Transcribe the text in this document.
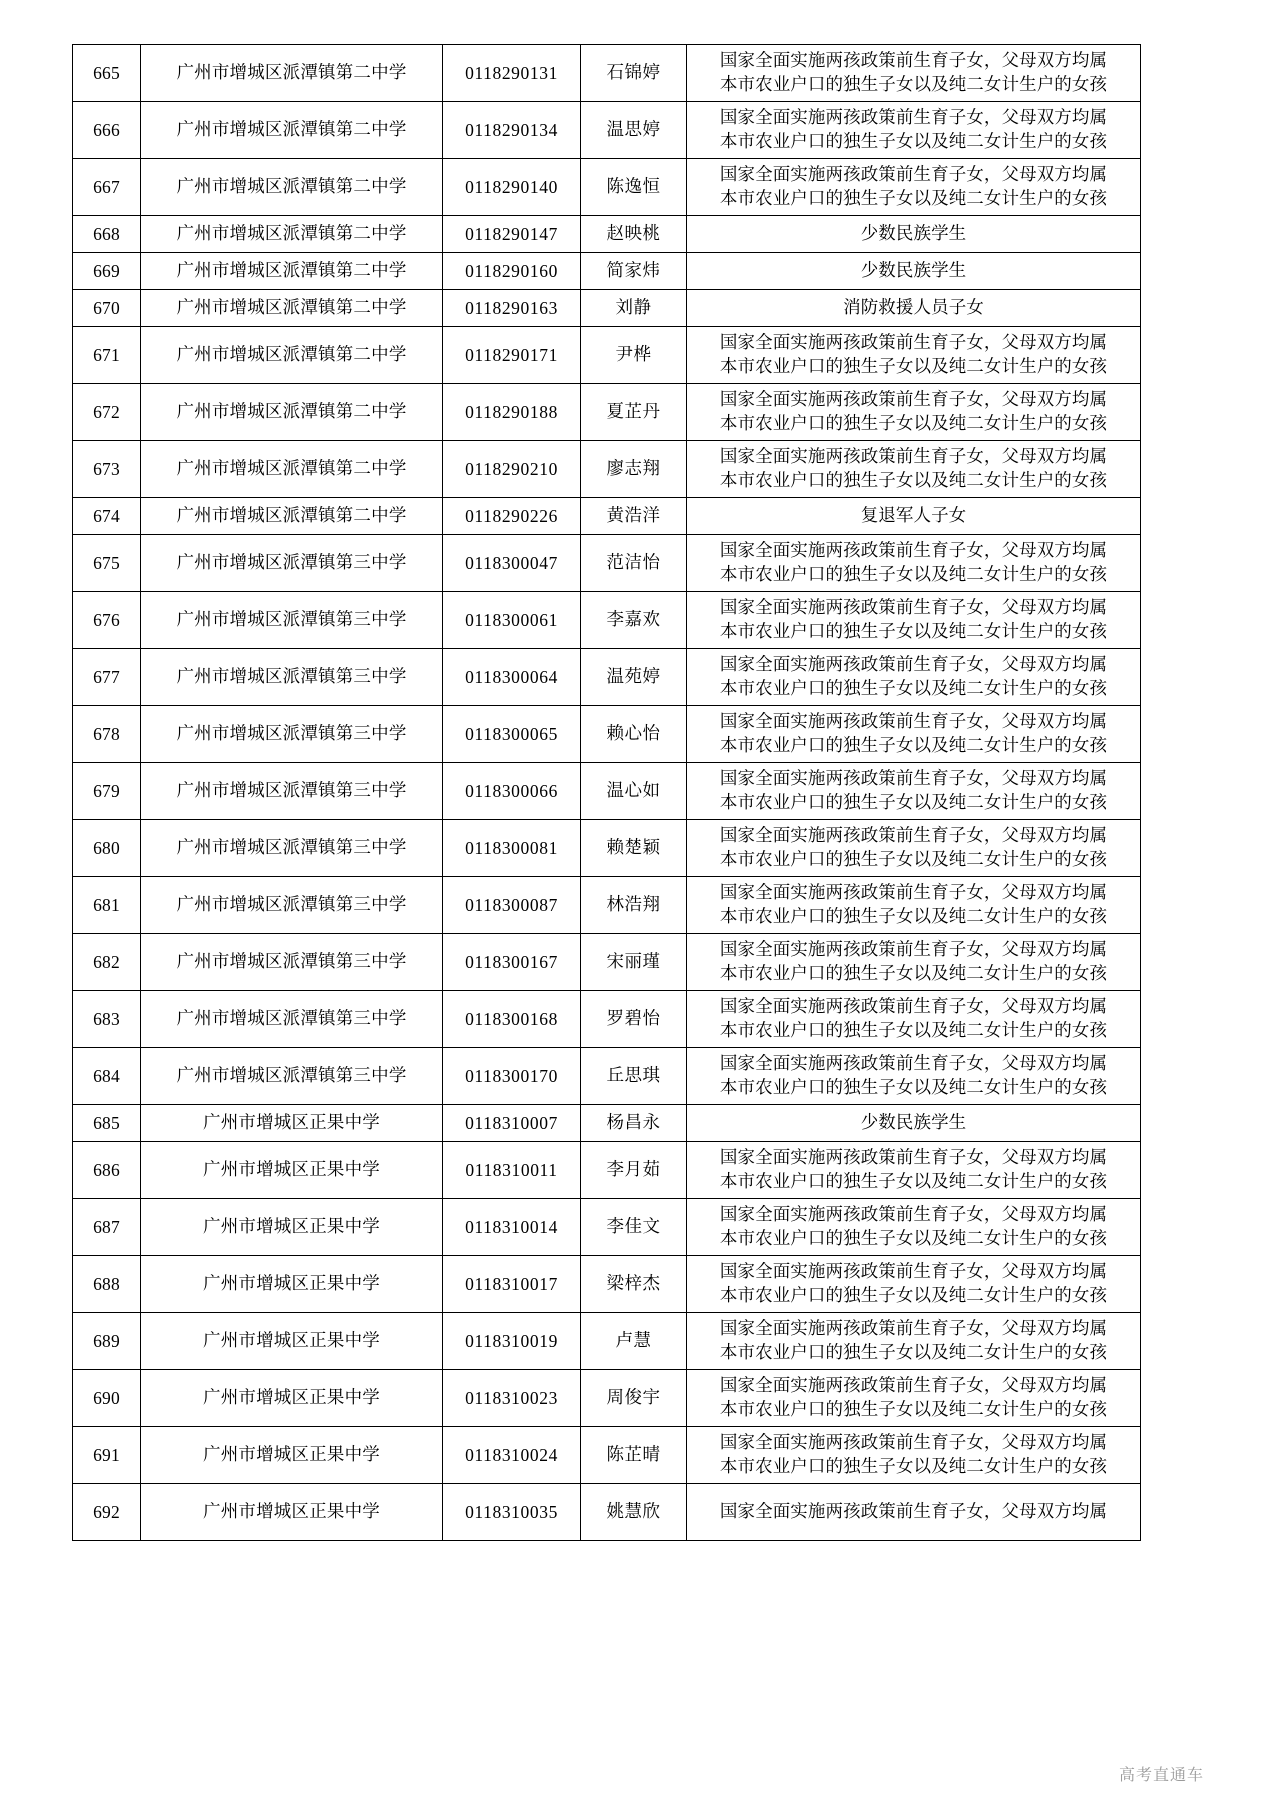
665	广州市增城区派潭镇第二中学	0118290131	石锦婷	国家全面实施两孩政策前生育子女，父母双方均属
本市农业户口的独生子女以及纯二女计生户的女孩

666	广州市增城区派潭镇第二中学	0118290134	温思婷	国家全面实施两孩政策前生育子女，父母双方均属
本市农业户口的独生子女以及纯二女计生户的女孩

667	广州市增城区派潭镇第二中学	0118290140	陈逸恒	国家全面实施两孩政策前生育子女，父母双方均属
本市农业户口的独生子女以及纯二女计生户的女孩

668	广州市增城区派潭镇第二中学	0118290147	赵映桃	少数民族学生

669	广州市增城区派潭镇第二中学	0118290160	简家炜	少数民族学生

670	广州市增城区派潭镇第二中学	0118290163	刘静	消防救援人员子女

671	广州市增城区派潭镇第二中学	0118290171	尹桦	国家全面实施两孩政策前生育子女，父母双方均属
本市农业户口的独生子女以及纯二女计生户的女孩

672	广州市增城区派潭镇第二中学	0118290188	夏芷丹	国家全面实施两孩政策前生育子女，父母双方均属
本市农业户口的独生子女以及纯二女计生户的女孩

673	广州市增城区派潭镇第二中学	0118290210	廖志翔	国家全面实施两孩政策前生育子女，父母双方均属
本市农业户口的独生子女以及纯二女计生户的女孩

674	广州市增城区派潭镇第二中学	0118290226	黄浩洋	复退军人子女

675	广州市增城区派潭镇第三中学	0118300047	范洁怡	国家全面实施两孩政策前生育子女，父母双方均属
本市农业户口的独生子女以及纯二女计生户的女孩

676	广州市增城区派潭镇第三中学	0118300061	李嘉欢	国家全面实施两孩政策前生育子女，父母双方均属
本市农业户口的独生子女以及纯二女计生户的女孩

677	广州市增城区派潭镇第三中学	0118300064	温苑婷	国家全面实施两孩政策前生育子女，父母双方均属
本市农业户口的独生子女以及纯二女计生户的女孩

678	广州市增城区派潭镇第三中学	0118300065	赖心怡	国家全面实施两孩政策前生育子女，父母双方均属
本市农业户口的独生子女以及纯二女计生户的女孩

679	广州市增城区派潭镇第三中学	0118300066	温心如	国家全面实施两孩政策前生育子女，父母双方均属
本市农业户口的独生子女以及纯二女计生户的女孩

680	广州市增城区派潭镇第三中学	0118300081	赖楚颖	国家全面实施两孩政策前生育子女，父母双方均属
本市农业户口的独生子女以及纯二女计生户的女孩

681	广州市增城区派潭镇第三中学	0118300087	林浩翔	国家全面实施两孩政策前生育子女，父母双方均属
本市农业户口的独生子女以及纯二女计生户的女孩

682	广州市增城区派潭镇第三中学	0118300167	宋丽瑾	国家全面实施两孩政策前生育子女，父母双方均属
本市农业户口的独生子女以及纯二女计生户的女孩

683	广州市增城区派潭镇第三中学	0118300168	罗碧怡	国家全面实施两孩政策前生育子女，父母双方均属
本市农业户口的独生子女以及纯二女计生户的女孩

684	广州市增城区派潭镇第三中学	0118300170	丘思琪	国家全面实施两孩政策前生育子女，父母双方均属
本市农业户口的独生子女以及纯二女计生户的女孩

685	广州市增城区正果中学	0118310007	杨昌永	少数民族学生

686	广州市增城区正果中学	0118310011	李月茹	国家全面实施两孩政策前生育子女，父母双方均属
本市农业户口的独生子女以及纯二女计生户的女孩

687	广州市增城区正果中学	0118310014	李佳文	国家全面实施两孩政策前生育子女，父母双方均属
本市农业户口的独生子女以及纯二女计生户的女孩

688	广州市增城区正果中学	0118310017	梁梓杰	国家全面实施两孩政策前生育子女，父母双方均属
本市农业户口的独生子女以及纯二女计生户的女孩

689	广州市增城区正果中学	0118310019	卢慧	国家全面实施两孩政策前生育子女，父母双方均属
本市农业户口的独生子女以及纯二女计生户的女孩

690	广州市增城区正果中学	0118310023	周俊宇	国家全面实施两孩政策前生育子女，父母双方均属
本市农业户口的独生子女以及纯二女计生户的女孩

691	广州市增城区正果中学	0118310024	陈芷晴	国家全面实施两孩政策前生育子女，父母双方均属
本市农业户口的独生子女以及纯二女计生户的女孩

692	广州市增城区正果中学	0118310035	姚慧欣	国家全面实施两孩政策前生育子女，父母双方均属
高考直通车
